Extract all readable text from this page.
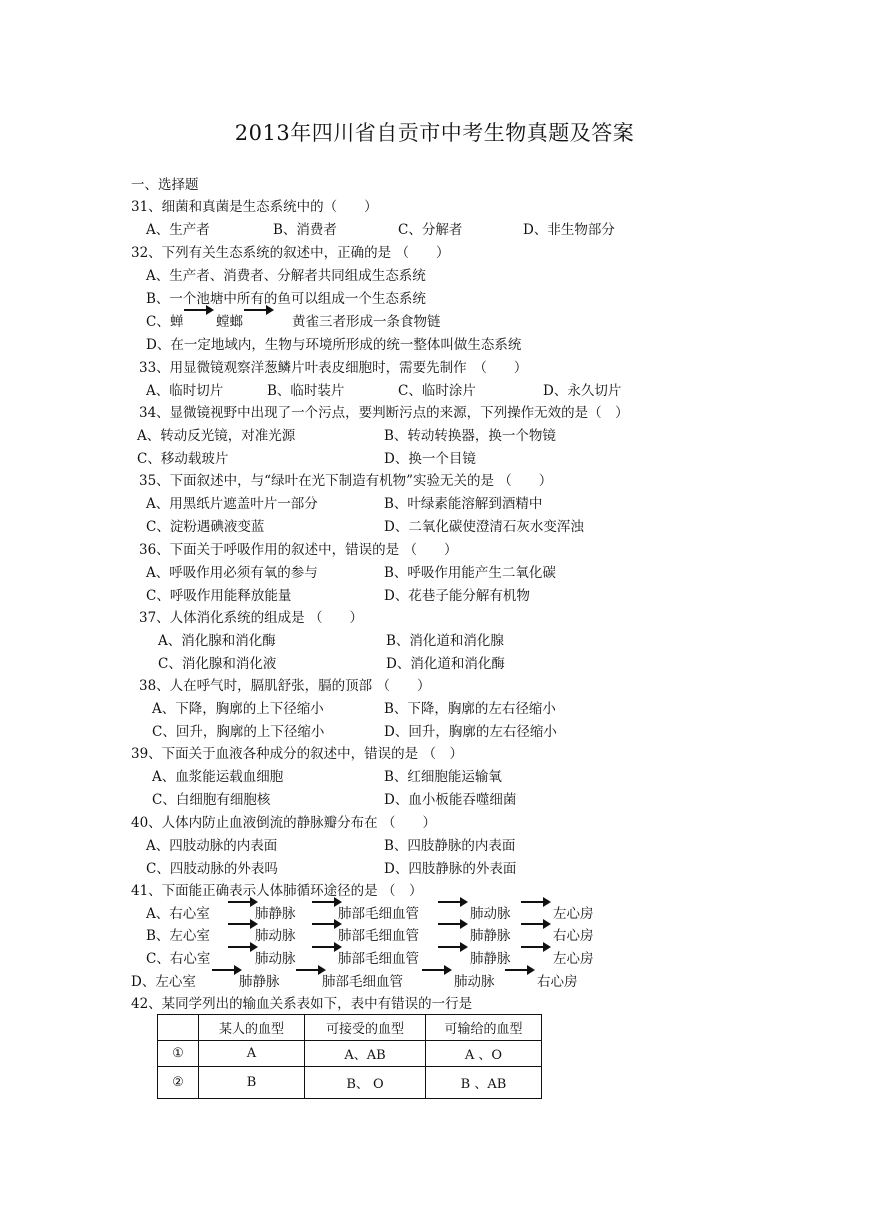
2013年四川省自贡市中考生物真题及答案
一、选择题
31、细菌和真菌是生态系统中的（　　）
A、生产者	B、消费者	C、分解者	D、非生物部分
32、下列有关生态系统的叙述中，正确的是 （　　）
A、生产者、消费者、分解者共同组成生态系统
B、一个池塘中所有的鱼可以组成一个生态系统
C、蝉 螳螂	黄雀三者形成一条食物链
D、在一定地域内，生物与环境所形成的统一整体叫做生态系统
33、用显微镜观察洋葱鳞片叶表皮细胞时，需要先制作　（　　）
A、临时切片	B、临时装片	C、临时涂片	D、永久切片
34、显微镜视野中出现了一个污点，要判断污点的来源，下列操作无效的是（　）
A、转动反光镜，对准光源	B、转动转换器，换一个物镜
C、移动载玻片	D、换一个目镜
35、下面叙述中，与“绿叶在光下制造有机物”实验无关的是 （　　）
A、用黑纸片遮盖叶片一部分	B、叶绿素能溶解到酒精中
C、淀粉遇碘液变蓝	D、二氧化碳使澄清石灰水变浑浊
36、下面关于呼吸作用的叙述中，错误的是 （　　）
A、呼吸作用必须有氧的参与	B、呼吸作用能产生二氧化碳
C、呼吸作用能释放能量	D、花巷子能分解有机物
37、人体消化系统的组成是 （　　）
A、消化腺和消化酶	B、消化道和消化腺
C、消化腺和消化液	D、消化道和消化酶
38、人在呼气时，膈肌舒张，膈的顶部 （　　）
A、下降，胸廓的上下径缩小	B、下降，胸廓的左右径缩小
C、回升，胸廓的上下径缩小	D、回升，胸廓的左右径缩小
39、下面关于血液各种成分的叙述中，错误的是 （　）
A、血浆能运载血细胞	B、红细胞能运输氧
C、白细胞有细胞核	D、血小板能吞噬细菌
40、人体内防止血液倒流的静脉瓣分布在 （　　）
A、四肢动脉的内表面	B、四肢静脉的内表面
C、四肢动脉的外表吗	D、四肢静脉的外表面
41、下面能正确表示人体肺循环途径的是 （　）
A、右心室	肺静脉	肺部毛细血管	肺动脉	左心房
B、左心室	肺动脉	肺部毛细血管	肺静脉	右心房
C、右心室	肺动脉	肺部毛细血管	肺静脉	左心房
D、左心室	肺静脉	肺部毛细血管	肺动脉	右心房
42、某同学列出的输血关系表如下，表中有错误的一行是
	某人的血型	可接受的血型	可输给的血型
①	A	A、AB	A 、O
②	B	B、 O	B 、AB
